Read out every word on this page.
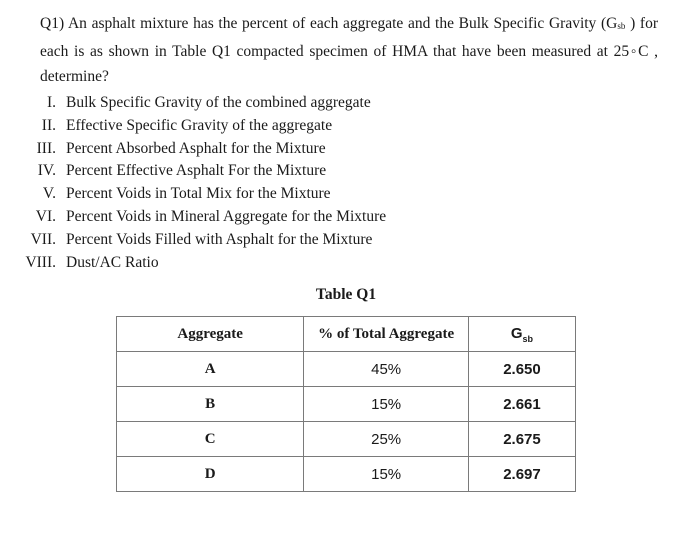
Q1) An asphalt mixture has the percent of each aggregate and the Bulk Specific Gravity ($G_{sb}$ ) for each is as shown in Table Q1 compacted specimen of HMA that have been measured at 25◦C , determine?
I. Bulk Specific Gravity of the combined aggregate
II. Effective Specific Gravity of the aggregate
III. Percent Absorbed Asphalt for the Mixture
IV. Percent Effective Asphalt For the Mixture
V. Percent Voids in Total Mix for the Mixture
VI. Percent Voids in Mineral Aggregate for the Mixture
VII. Percent Voids Filled with Asphalt for the Mixture
VIII. Dust/AC Ratio
Table Q1
Aggregate	% of Total Aggregate	$G_{sb}$
A	45%	2.650
B	15%	2.661
C	25%	2.675
D	15%	2.697
